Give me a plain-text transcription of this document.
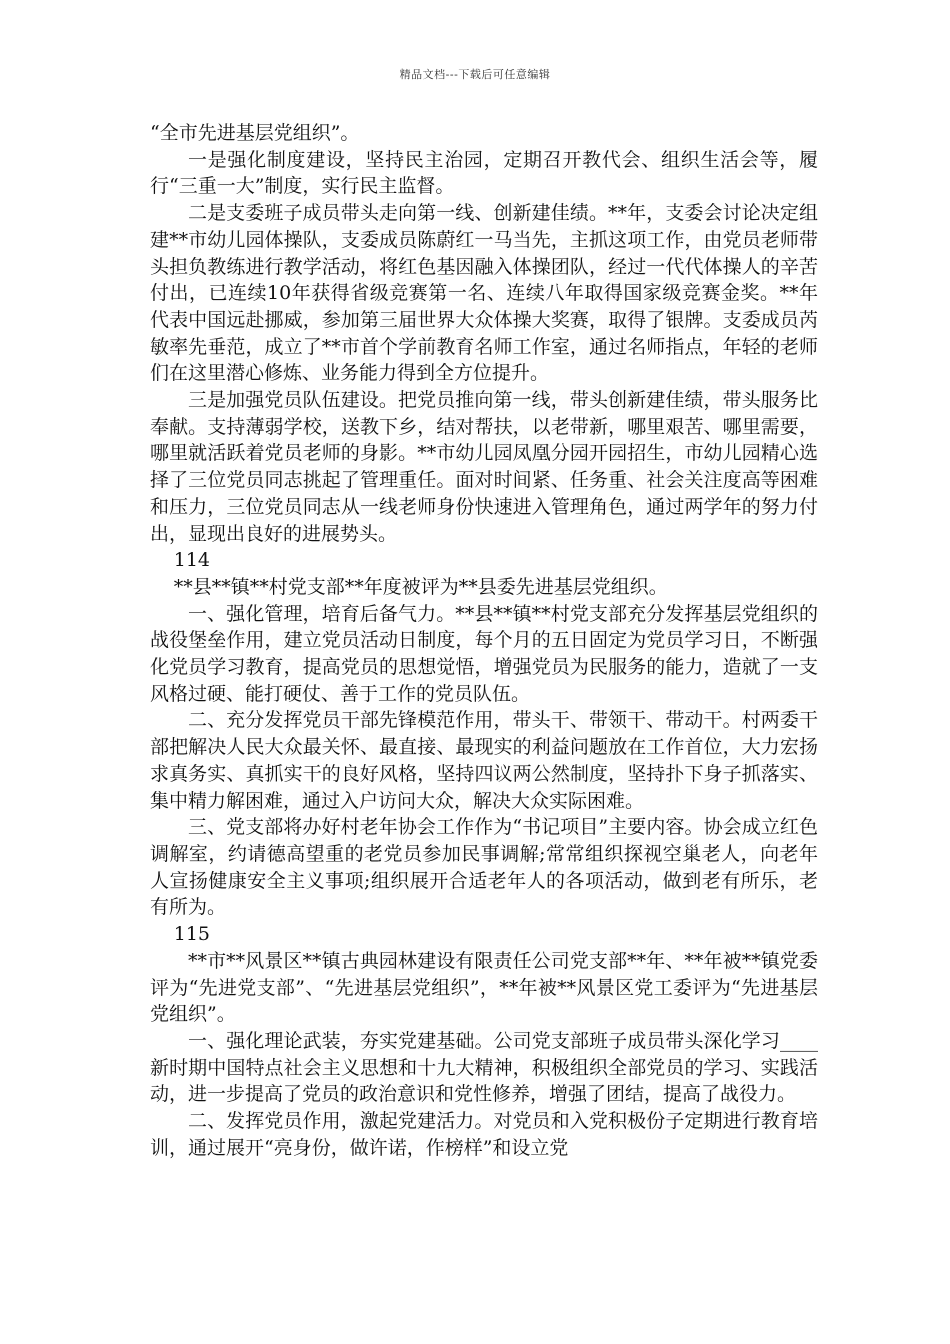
精品文档---下载后可任意编辑

“全市先进基层党组织”。

一是强化制度建设，坚持民主治园，定期召开教代会、组织生活会等，履行“三重一大”制度，实行民主监督。

二是支委班子成员带头走向第一线、创新建佳绩。**年，支委会讨论决定组建**市幼儿园体操队，支委成员陈蔚红一马当先，主抓这项工作，由党员老师带头担负教练进行教学活动，将红色基因融入体操团队，经过一代代体操人的辛苦付出，已连续10年获得省级竞赛第一名、连续八年取得国家级竞赛金奖。**年代表中国远赴挪威，参加第三届世界大众体操大奖赛，取得了银牌。支委成员芮敏率先垂范，成立了**市首个学前教育名师工作室，通过名师指点，年轻的老师们在这里潜心修炼、业务能力得到全方位提升。

三是加强党员队伍建设。把党员推向第一线，带头创新建佳绩，带头服务比奉献。支持薄弱学校，送教下乡，结对帮扶，以老带新，哪里艰苦、哪里需要，哪里就活跃着党员老师的身影。**市幼儿园凤凰分园开园招生，市幼儿园精心选择了三位党员同志挑起了管理重任。面对时间紧、任务重、社会关注度高等困难和压力，三位党员同志从一线老师身份快速进入管理角色，通过两学年的努力付出，显现出良好的进展势头。

114

**县**镇**村党支部**年度被评为**县委先进基层党组织。

一、强化管理，培育后备气力。**县**镇**村党支部充分发挥基层党组织的战役堡垒作用，建立党员活动日制度，每个月的五日固定为党员学习日，不断强化党员学习教育，提高党员的思想觉悟，增强党员为民服务的能力，造就了一支风格过硬、能打硬仗、善于工作的党员队伍。

二、充分发挥党员干部先锋模范作用，带头干、带领干、带动干。村两委干部把解决人民大众最关怀、最直接、最现实的利益问题放在工作首位，大力宏扬求真务实、真抓实干的良好风格，坚持四议两公然制度，坚持扑下身子抓落实、集中精力解困难，通过入户访问大众，解决大众实际困难。

三、党支部将办好村老年协会工作作为“书记项目”主要内容。协会成立红色调解室，约请德高望重的老党员参加民事调解;常常组织探视空巢老人，向老年人宣扬健康安全主义事项;组织展开合适老年人的各项活动，做到老有所乐，老有所为。

115

**市**风景区**镇古典园林建设有限责任公司党支部**年、**年被**镇党委评为“先进党支部”、“先进基层党组织”，**年被**风景区党工委评为“先进基层党组织”。

一、强化理论武装，夯实党建基础。公司党支部班子成员带头深化学习____新时期中国特点社会主义思想和十九大精神，积极组织全部党员的学习、实践活动，进一步提高了党员的政治意识和党性修养，增强了团结，提高了战役力。

二、发挥党员作用，激起党建活力。对党员和入党积极份子定期进行教育培训，通过展开“亮身份，做许诺，作榜样”和设立党
